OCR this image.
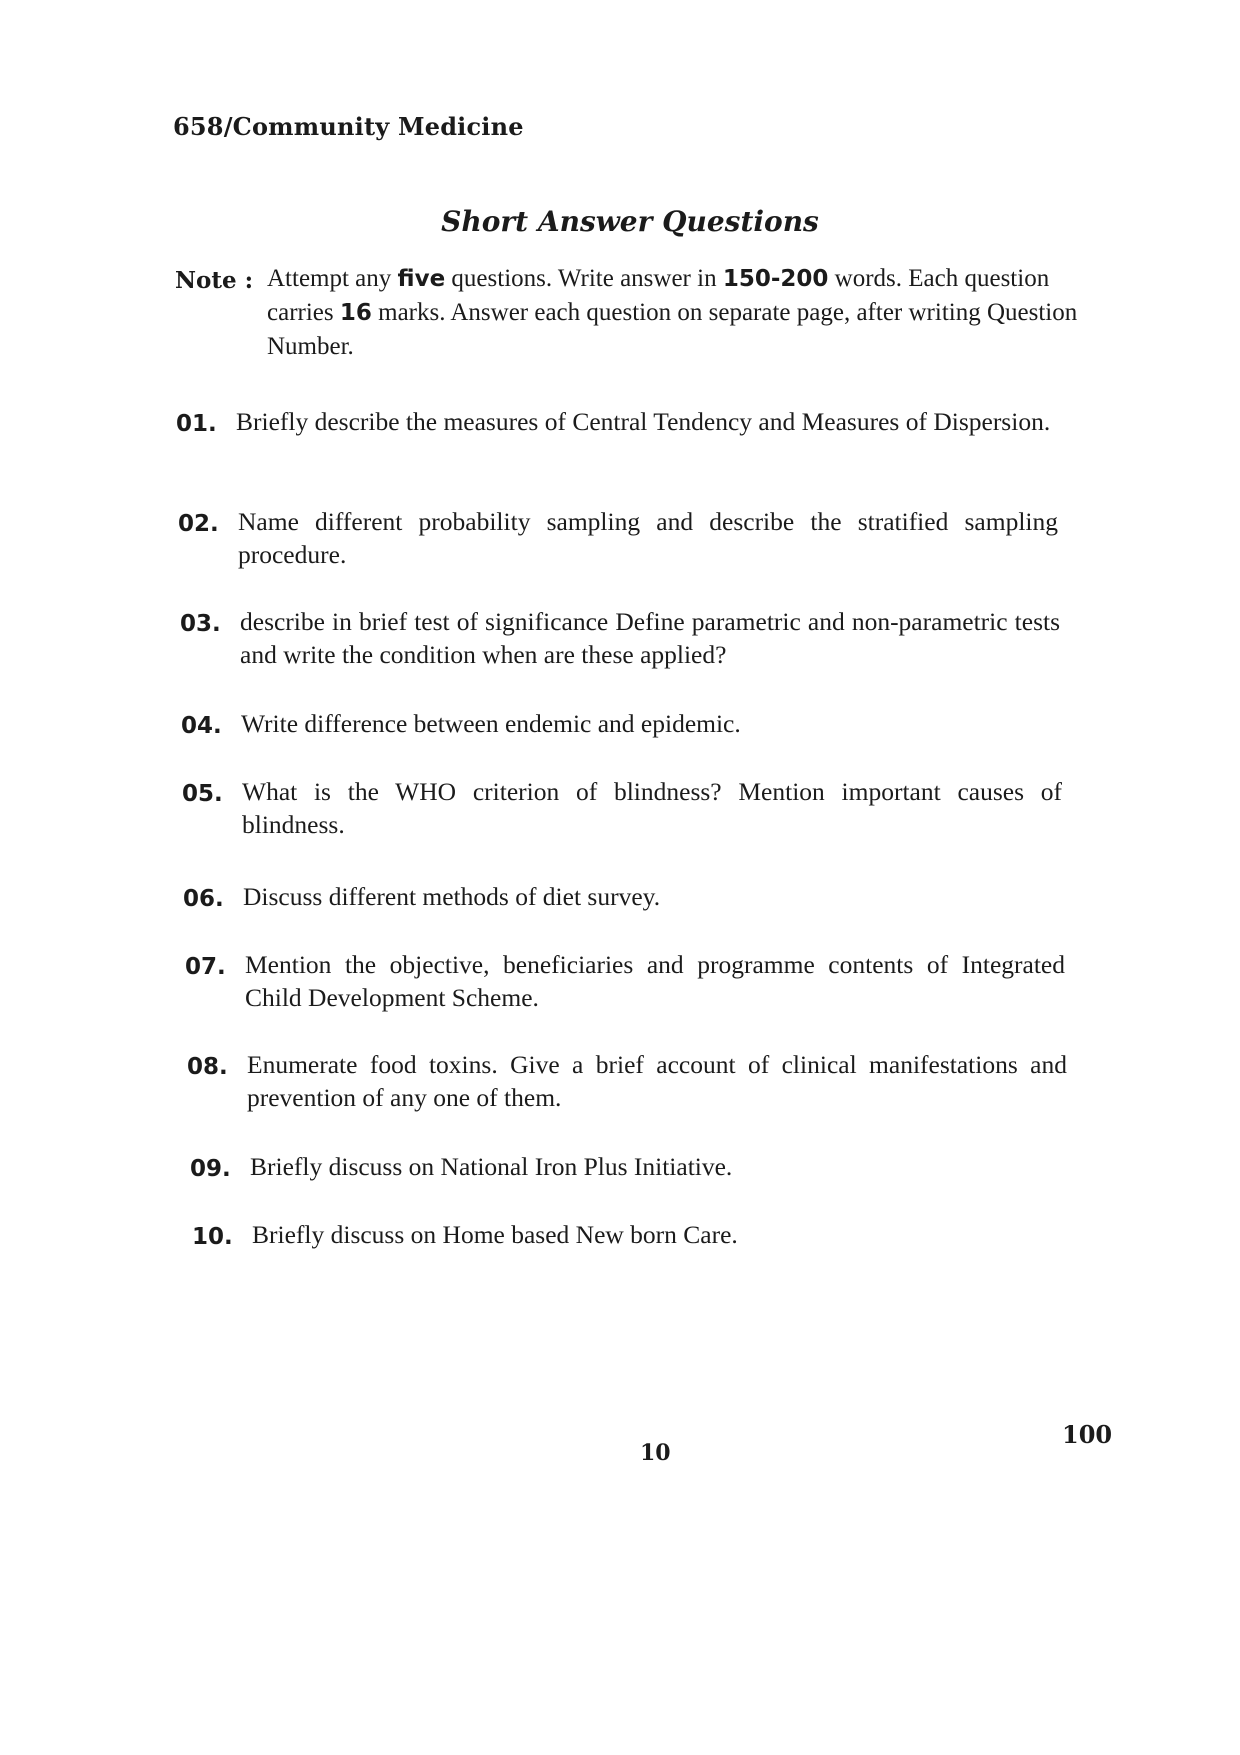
658/Community Medicine
Short Answer Questions
Note : Attempt any five questions. Write answer in 150-200 words. Each question carries 16 marks. Answer each question on separate page, after writing Question Number.
01. Briefly describe the measures of Central Tendency and Measures of Dispersion.
02. Name different probability sampling and describe the stratified sampling procedure.
03. describe in brief test of significance Define parametric and non-parametric tests and write the condition when are these applied?
04. Write difference between endemic and epidemic.
05. What is the WHO criterion of blindness? Mention important causes of blindness.
06. Discuss different methods of diet survey.
07. Mention the objective, beneficiaries and programme contents of Integrated Child Development Scheme.
08. Enumerate food toxins. Give a brief account of clinical manifestations and prevention of any one of them.
09. Briefly discuss on National Iron Plus Initiative.
10. Briefly discuss on Home based New born Care.
100
10
